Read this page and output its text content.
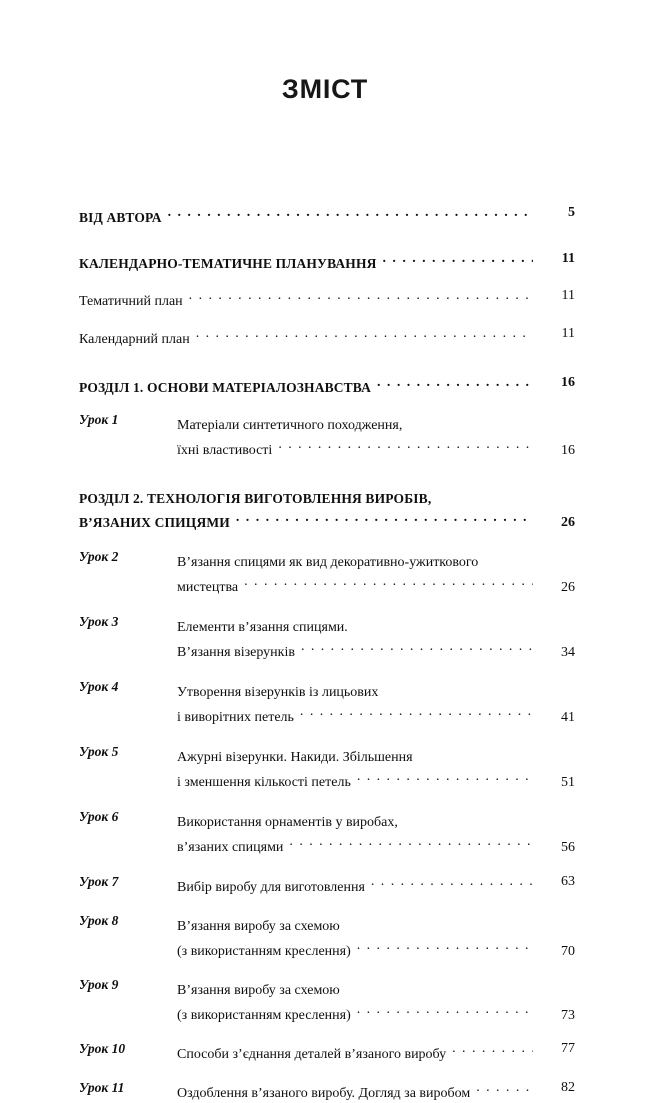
ЗМІСТ
ВІД АВТОРА . . .	5
КАЛЕНДАРНО-ТЕМАТИЧНЕ ПЛАНУВАННЯ . . .	11
Тематичний план . . .	11
Календарний план . . .	11
РОЗДІЛ 1. ОСНОВИ МАТЕРІАЛОЗНАВСТВА . . .	16
Урок 1	Матеріали синтетичного походження,
їхні властивості . . .	16
РОЗДІЛ 2. ТЕХНОЛОГІЯ ВИГОТОВЛЕННЯ ВИРОБІВ,
В’ЯЗАНИХ СПИЦЯМИ . . .	26
Урок 2	В’язання спицями як вид декоративно-ужиткового
мистецтва . . .	26
Урок 3	Елементи в’язання спицями.
В’язання візерунків . . .	34
Урок 4	Утворення візерунків із лицьових
і виворітних петель . . .	41
Урок 5	Ажурні візерунки. Накиди. Збільшення
і зменшення кількості петель . . .	51
Урок 6	Використання орнаментів у виробах,
в’язаних спицями . . .	56
Урок 7	Вибір виробу для виготовлення . . .	63
Урок 8	В’язання виробу за схемою
(з використанням креслення) . . .	70
Урок 9	В’язання виробу за схемою
(з використанням креслення) . . .	73
Урок 10	Способи з’єднання деталей в’язаного виробу . . .	77
Урок 11	Оздоблення в’язаного виробу. Догляд за виробом . . .	82
